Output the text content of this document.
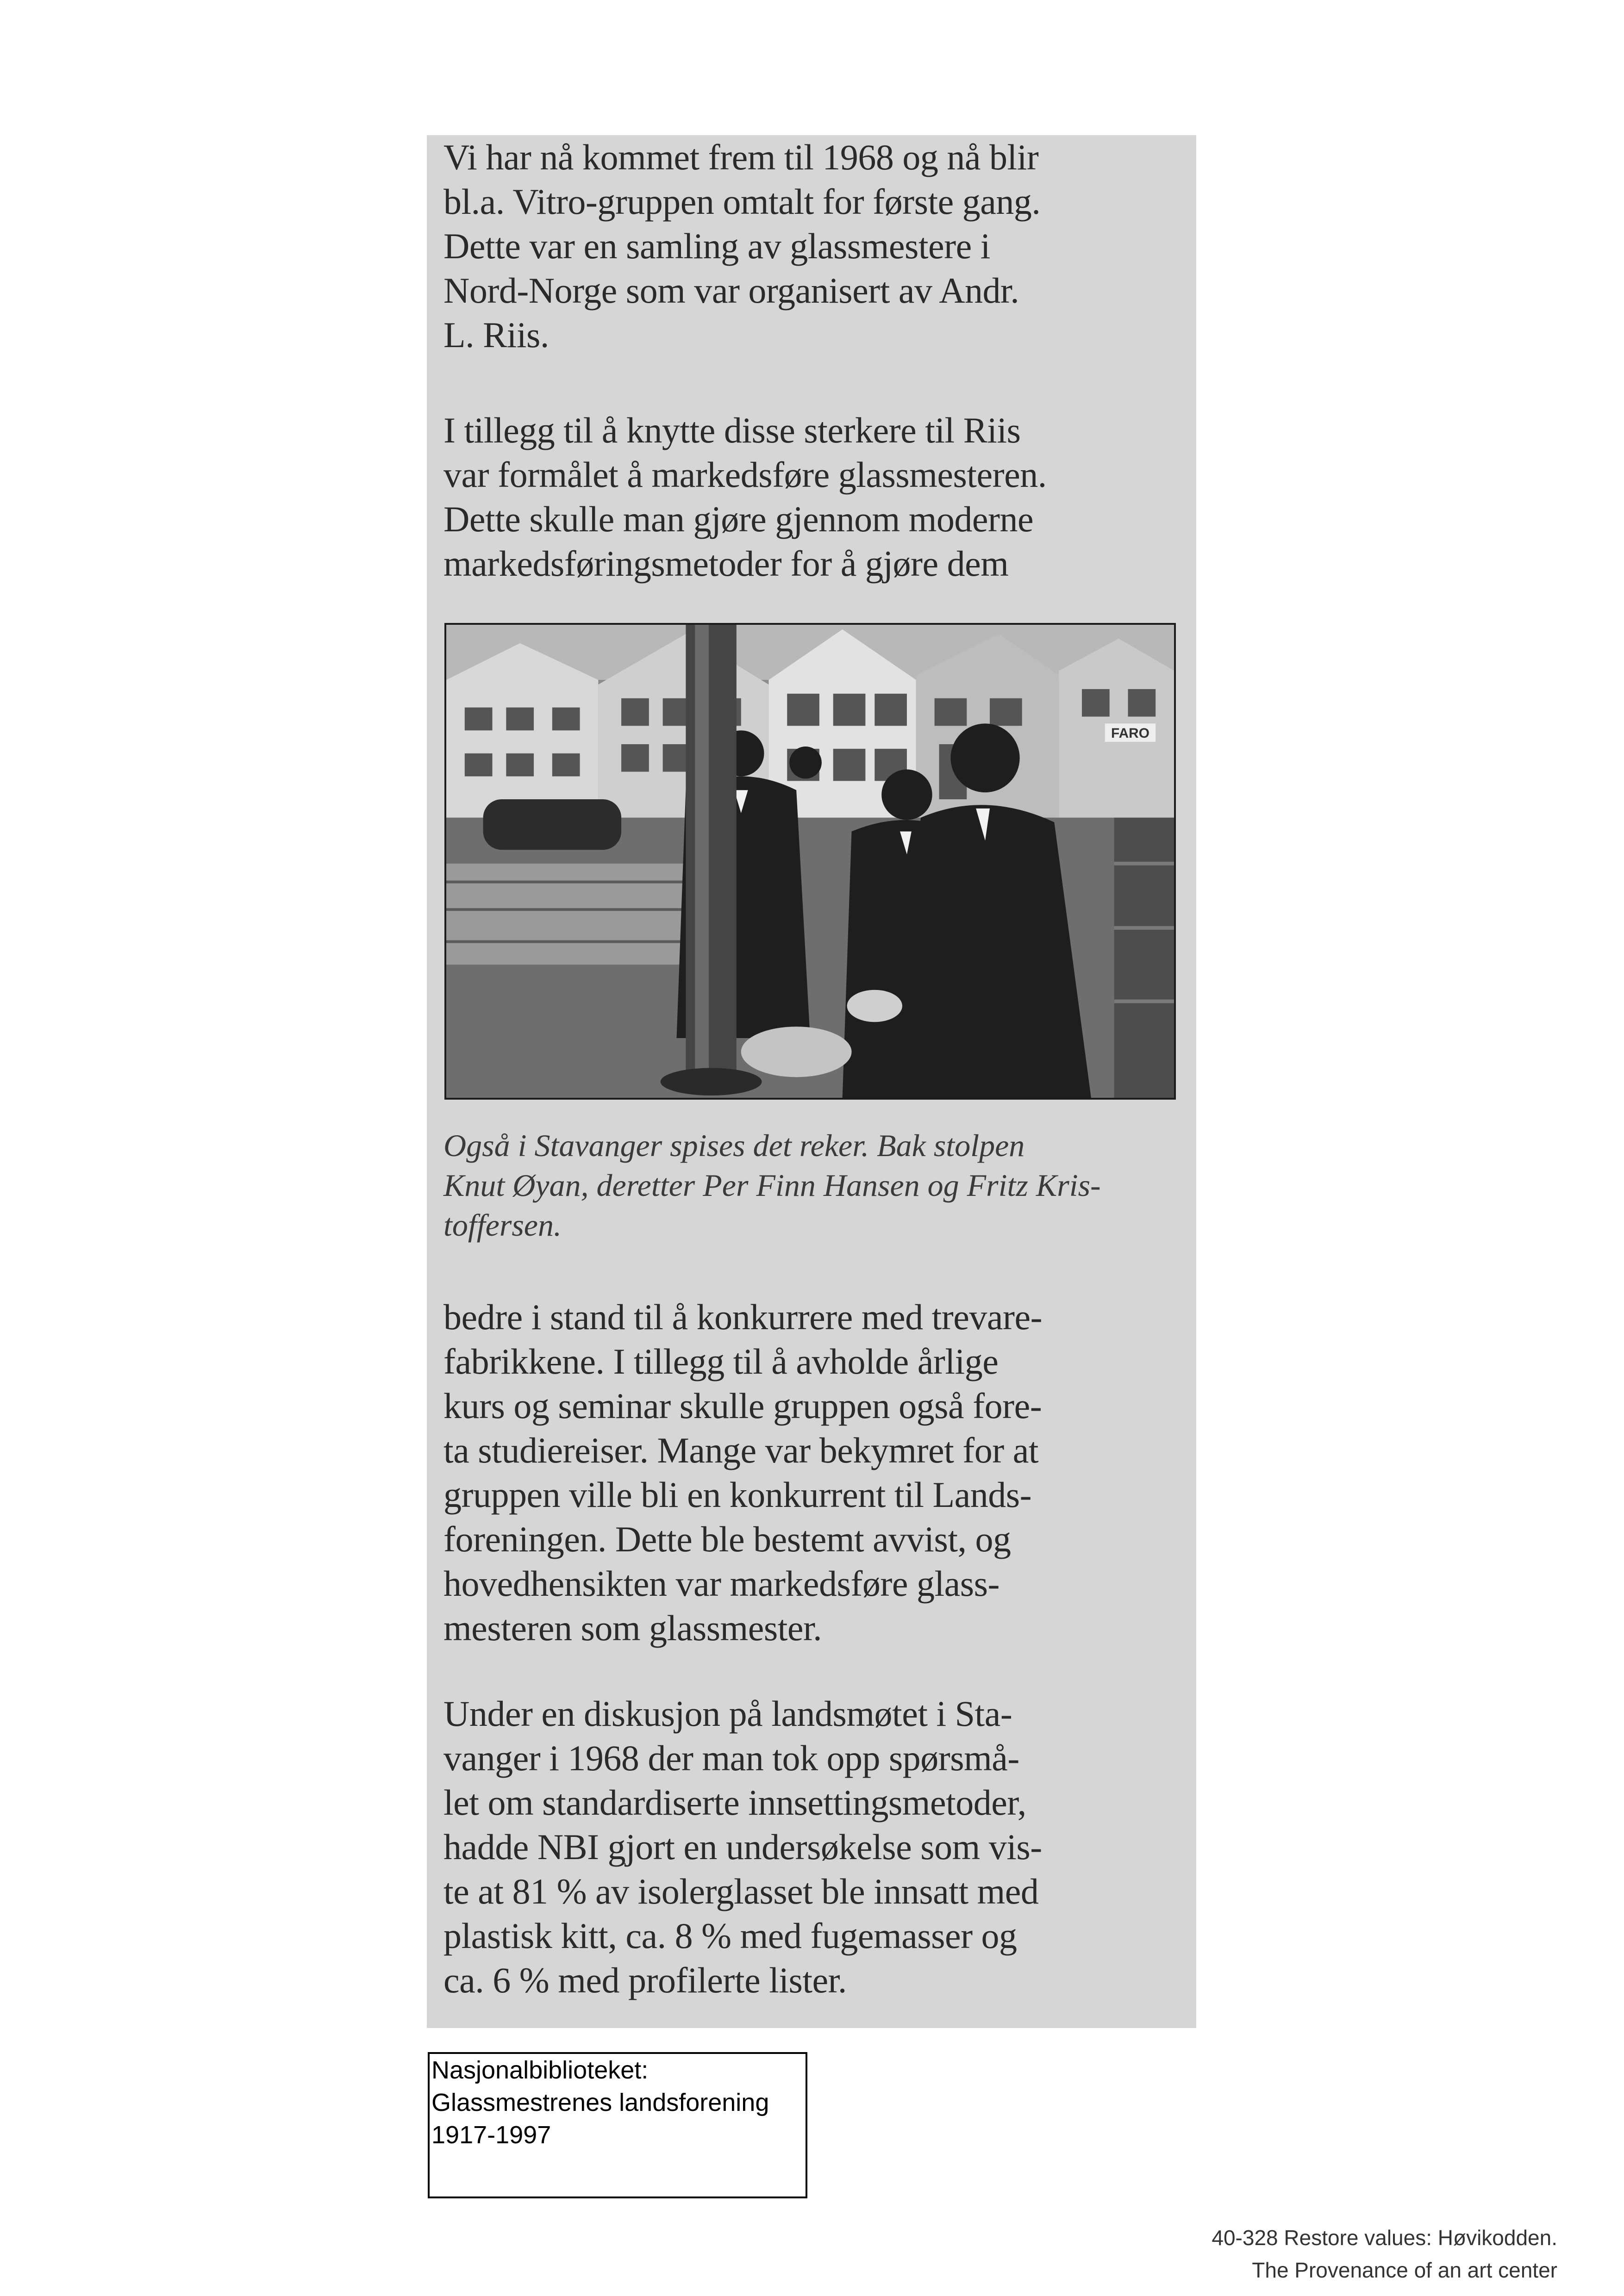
Vi har nå kommet frem til 1968 og nå blir
bl.a. Vitro-gruppen omtalt for første gang.
Dette var en samling av glassmestere i
Nord-Norge som var organisert av Andr.
L. Riis.

I tillegg til å knytte disse sterkere til Riis
var formålet å markedsføre glassmesteren.
Dette skulle man gjøre gjennom moderne
markedsføringsmetoder for å gjøre dem

FARO

Også i Stavanger spises det reker. Bak stolpen
Knut Øyan, deretter Per Finn Hansen og Fritz Kris-
toffersen.

bedre i stand til å konkurrere med trevare-
fabrikkene. I tillegg til å avholde årlige
kurs og seminar skulle gruppen også fore-
ta studiereiser. Mange var bekymret for at
gruppen ville bli en konkurrent til Lands-
foreningen. Dette ble bestemt avvist, og
hovedhensikten var markedsføre glass-
mesteren som glassmester.

Under en diskusjon på landsmøtet i Sta-
vanger i 1968 der man tok opp spørsmå-
let om standardiserte innsettingsmetoder,
hadde NBI gjort en undersøkelse som vis-
te at 81 % av isolerglasset ble innsatt med
plastisk kitt, ca. 8 % med fugemasser og
ca. 6 % med profilerte lister.

Nasjonalbiblioteket:
Glassmestrenes landsforening
1917-1997
40-328 Restore values: Høvikodden.
The Provenance of an art center
